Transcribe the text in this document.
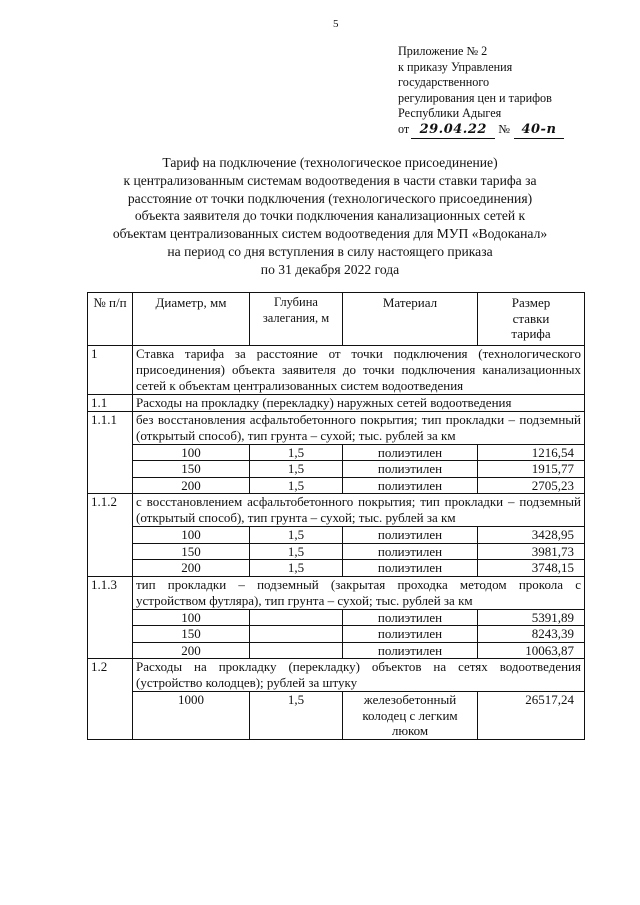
5
Приложение № 2
к приказу Управления
государственного
регулирования цен и тарифов
Республики Адыгея
от 29.04.22 № 40-п
Тариф на подключение (технологическое присоединение)
к централизованным системам водоотведения в части ставки тарифа за
расстояние от точки подключения (технологического присоединения)
объекта заявителя до точки подключения канализационных сетей к
объектам централизованных систем водоотведения для МУП «Водоканал»
на период со дня вступления в силу настоящего приказа
по 31 декабря 2022 года
№ п/п	Диаметр, мм	Глубина залегания, м	Материал	Размер ставки тарифа
1	Ставка тарифа за расстояние от точки подключения (технологического присоединения) объекта заявителя до точки подключения канализационных сетей к объектам централизованных систем водоотведения			
1.1	Расходы на прокладку (перекладку) наружных сетей водоотведения			
1.1.1	без восстановления асфальтобетонного покрытия; тип прокладки – подземный (открытый способ), тип грунта – сухой; тыс. рублей за км			
	100	1,5	полиэтилен	1216,54
	150	1,5	полиэтилен	1915,77
	200	1,5	полиэтилен	2705,23
1.1.2	с восстановлением асфальтобетонного покрытия; тип прокладки – подземный (открытый способ), тип грунта – сухой; тыс. рублей за км			
	100	1,5	полиэтилен	3428,95
	150	1,5	полиэтилен	3981,73
	200	1,5	полиэтилен	3748,15
1.1.3	тип прокладки – подземный (закрытая проходка методом прокола с устройством футляра), тип грунта – сухой; тыс. рублей за км			
	100		полиэтилен	5391,89
	150		полиэтилен	8243,39
	200		полиэтилен	10063,87
1.2	Расходы на прокладку (перекладку) объектов на сетях водоотведения (устройство колодцев); рублей за штуку			
	1000	1,5	железобетонный колодец с легким люком	26517,24
